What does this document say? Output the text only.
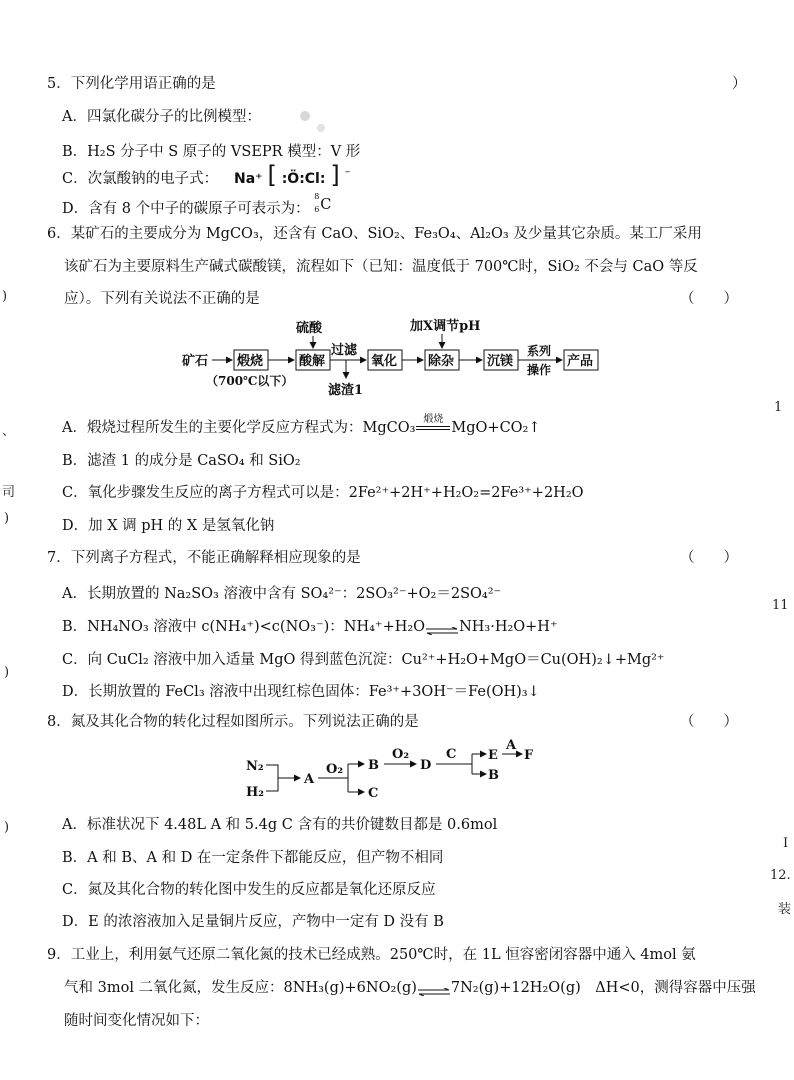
5．下列化学用语正确的是	）
A．四氯化碳分子的比例模型：
B．H₂S 分子中 S 原子的 VSEPR 模型：V 形
C．次氯酸钠的电子式： Na⁺ [ :Ö:Cl: ] ⁻
D．含有 8 个中子的碳原子可表示为：
8
6 C
6．某矿石的主要成分为 MgCO₃，还含有 CaO、SiO₂、Fe₃O₄、Al₂O₃ 及少量其它杂质。某工厂采用
该矿石为主要原料生产碱式碳酸镁，流程如下（已知：温度低于 700℃时，SiO₂ 不会与 CaO 等反
应）。下列有关说法不正确的是	（　　）
矿石 煅烧
（700℃以下）
酸解
硫酸
过滤
滤渣1
氧化 除杂
加X调节pH
沉镁
系列
操作
产品
A．煅烧过程所发生的主要化学反应方程式为：MgCO₃
煅烧
MgO+CO₂↑
B．滤渣 1 的成分是 CaSO₄ 和 SiO₂
C．氧化步骤发生反应的离子方程式可以是：2Fe²⁺+2H⁺+H₂O₂=2Fe³⁺+2H₂O
D．加 X 调 pH 的 X 是氢氧化钠
7．下列离子方程式，不能正确解释相应现象的是	（　　）
A．长期放置的 Na₂SO₃ 溶液中含有 SO₄²⁻：2SO₃²⁻+O₂＝2SO₄²⁻
B．NH₄NO₃ 溶液中 c(NH₄⁺)<c(NO₃⁻)：NH₄⁺+H₂O⇌NH₃·H₂O+H⁺
C．向 CuCl₂ 溶液中加入适量 MgO 得到蓝色沉淀：Cu²⁺+H₂O+MgO＝Cu(OH)₂↓+Mg²⁺
D．长期放置的 FeCl₃ 溶液中出现红棕色固体：Fe³⁺+3OH⁻＝Fe(OH)₃↓
8．氮及其化合物的转化过程如图所示。下列说法正确的是	（　　）
N₂
H₂
A
O₂ B
C
O₂
D
C E
B
A
F
A．标准状况下 4.48L A 和 5.4g C 含有的共价键数目都是 0.6mol
B．A 和 B、A 和 D 在一定条件下都能反应，但产物不相同
C．氮及其化合物的转化图中发生的反应都是氧化还原反应
D．E 的浓溶液加入足量铜片反应，产物中一定有 D 没有 B
9．工业上，利用氨气还原二氧化氮的技术已经成熟。250℃时，在 1L 恒容密闭容器中通入 4mol 氨
气和 3mol 二氧化氮，发生反应：8NH₃(g)+6NO₂(g) 7N₂(g)+12H₂O(g)　ΔH<0，测得容器中压强
随时间变化情况如下：
)
、
司
)
)
)
1
11
I
12.
装
